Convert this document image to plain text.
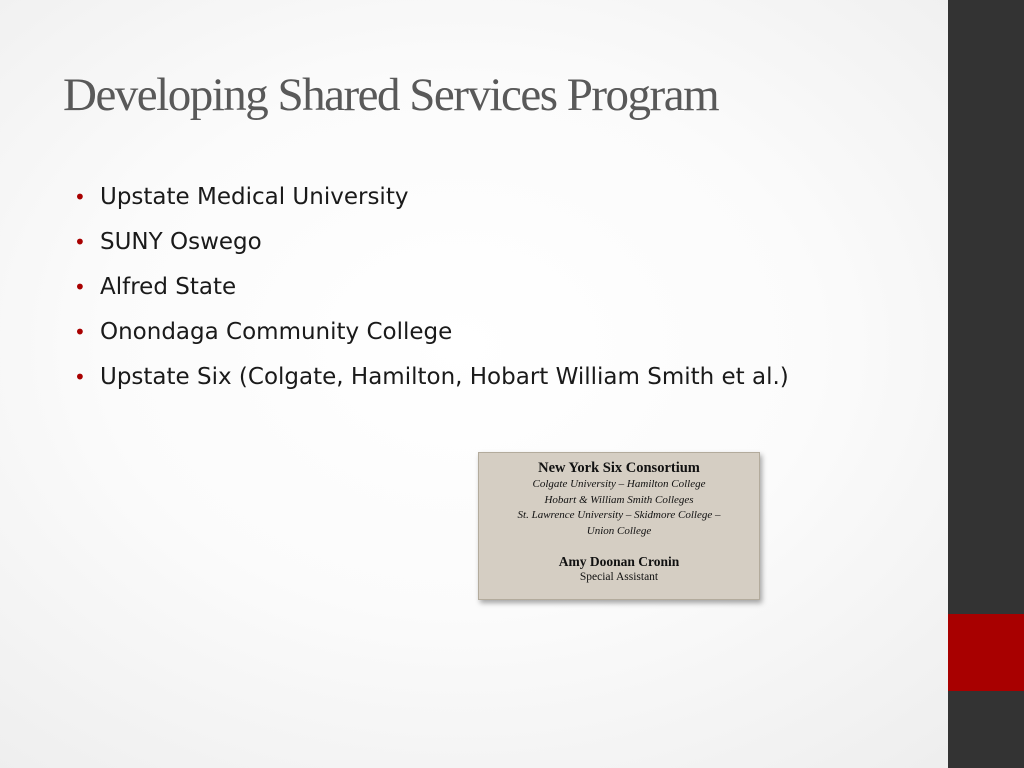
Developing Shared Services Program
• Upstate Medical University
• SUNY Oswego
• Alfred State
• Onondaga Community College
• Upstate Six (Colgate, Hamilton, Hobart William Smith et al.)
New York Six Consortium
Colgate University – Hamilton College
Hobart & William Smith Colleges
St. Lawrence University – Skidmore College –
Union College
Amy Doonan Cronin
Special Assistant
